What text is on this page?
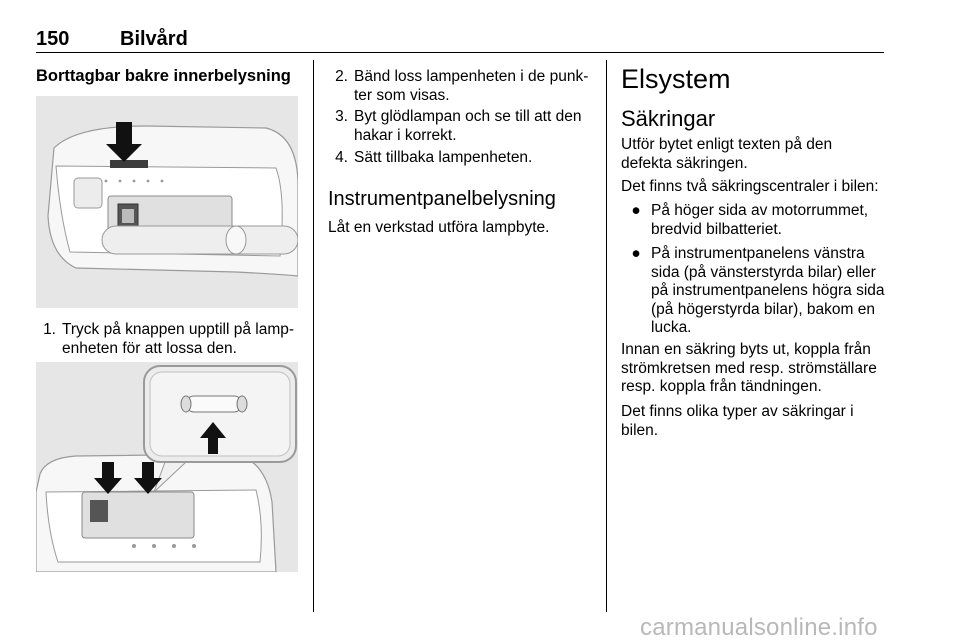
150	Bilvård
Borttagbar bakre innerbelysning
1. Tryck på knappen upptill på lamp-enheten för att lossa den.
2. Bänd loss lampenheten i de punk-ter som visas.
3. Byt glödlampan och se till att den hakar i korrekt.
4. Sätt tillbaka lampenheten.
Instrumentpanelbelysning
Låt en verkstad utföra lampbyte.
Elsystem
Säkringar
Utför bytet enligt texten på den defekta säkringen.
Det finns två säkringscentraler i bilen:
● På höger sida av motorrummet, bredvid bilbatteriet.
● På instrumentpanelens vänstra sida (på vänsterstyrda bilar) eller på instrumentpanelens högra sida (på högerstyrda bilar), bakom en lucka.
Innan en säkring byts ut, koppla från strömkretsen med resp. strömställare resp. koppla från tändningen.
Det finns olika typer av säkringar i bilen.
carmanualsonline.info
